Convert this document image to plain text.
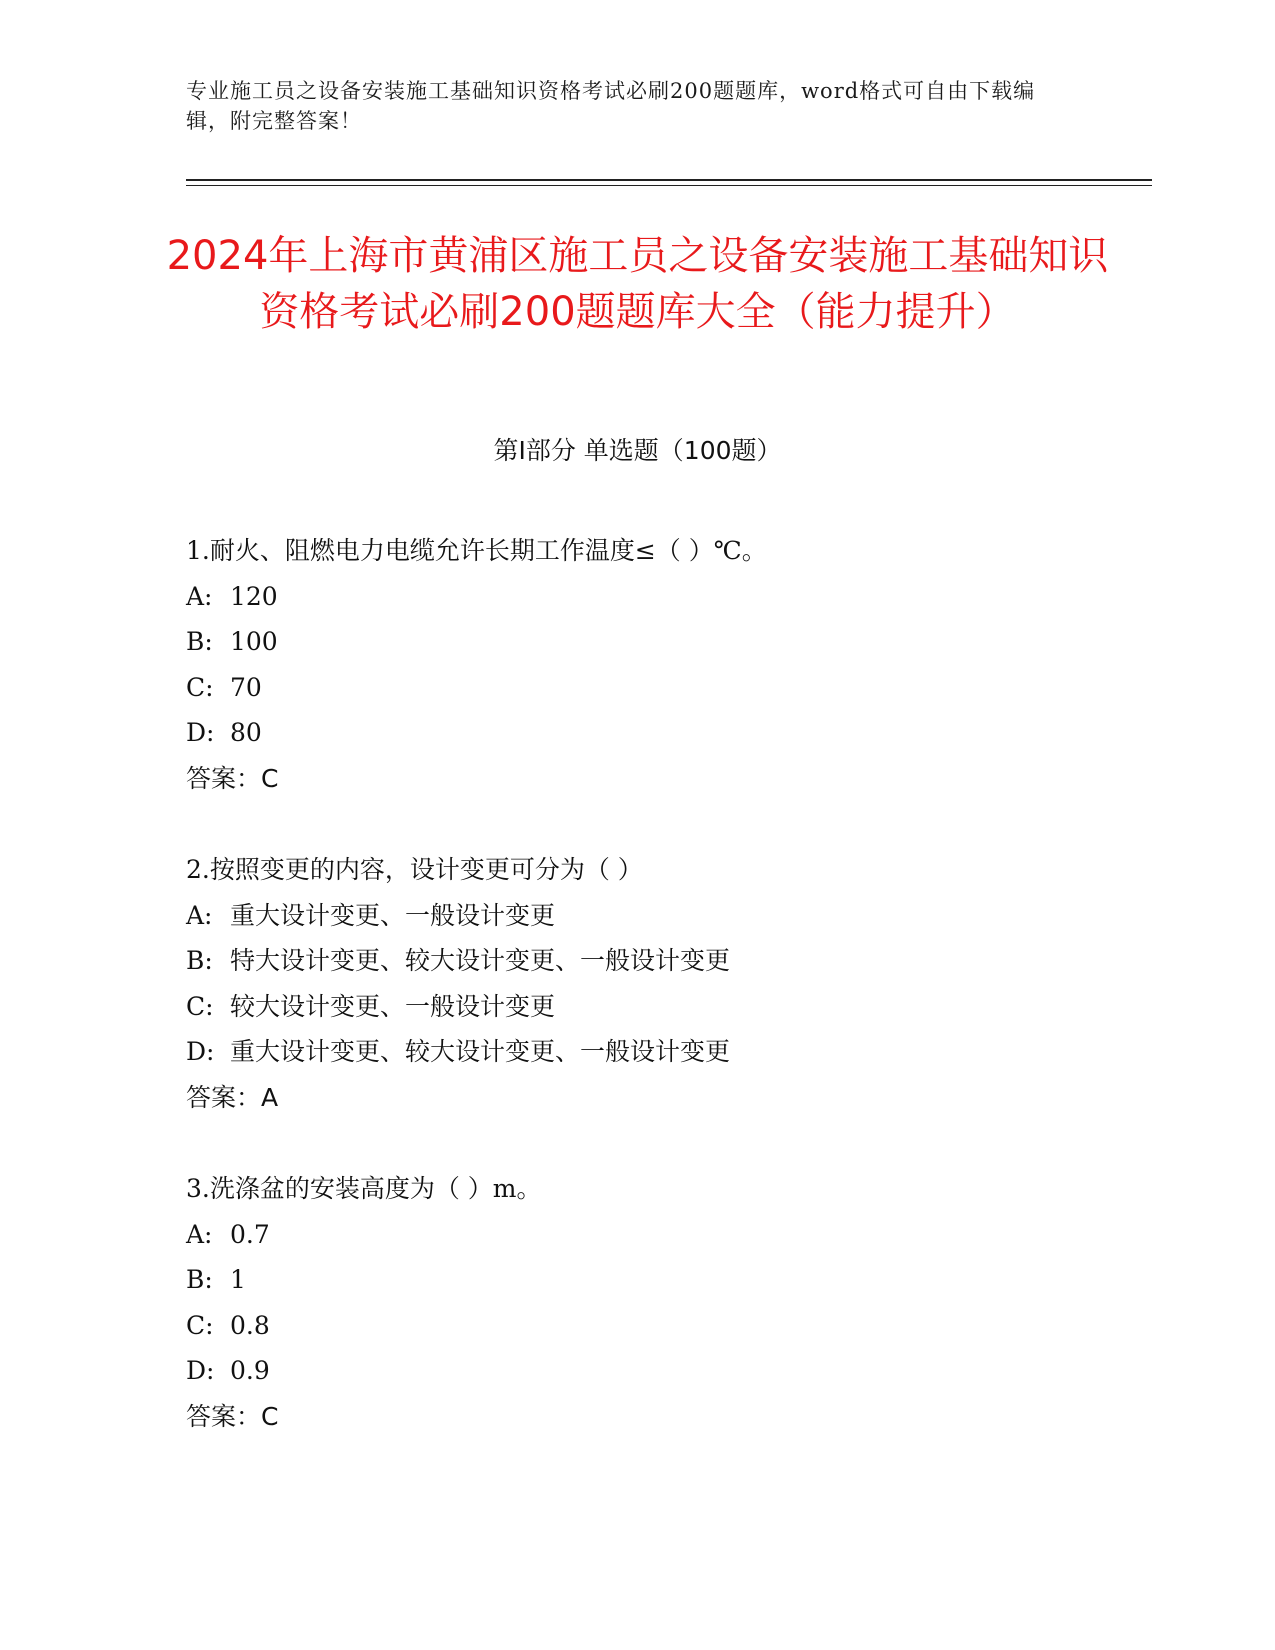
专业施工员之设备安装施工基础知识资格考试必刷200题题库，word格式可自由下载编辑，附完整答案！
2024年上海市黄浦区施工员之设备安装施工基础知识资格考试必刷200题题库大全（能力提升）
第I部分 单选题（100题）
1.耐火、阻燃电力电缆允许长期工作温度≤（ ）℃。
A: 120
B: 100
C: 70
D: 80
答案：C
2.按照变更的内容，设计变更可分为（ ）
A: 重大设计变更、一般设计变更
B: 特大设计变更、较大设计变更、一般设计变更
C: 较大设计变更、一般设计变更
D: 重大设计变更、较大设计变更、一般设计变更
答案：A
3.洗涤盆的安装高度为（ ）m。
A: 0.7
B: 1
C: 0.8
D: 0.9
答案：C
